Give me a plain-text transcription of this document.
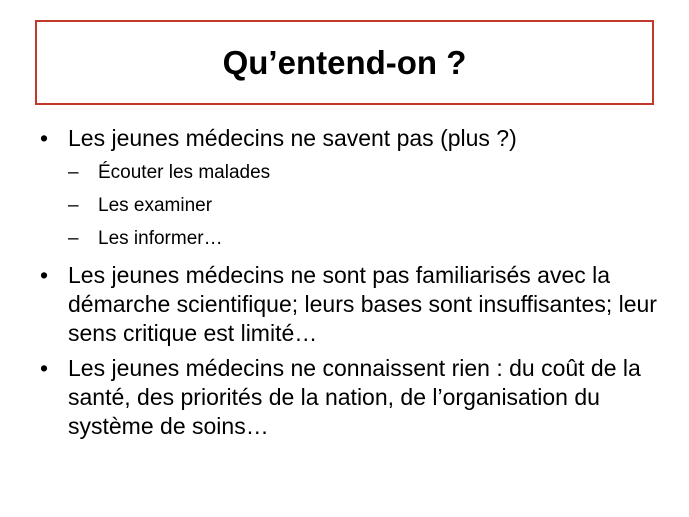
Qu’entend-on ?
• Les jeunes médecins ne savent pas (plus ?)
– Écouter les malades
– Les examiner
– Les informer…
• Les jeunes médecins ne sont pas familiarisés avec la démarche scientifique; leurs bases sont insuffisantes; leur sens critique est limité…
• Les jeunes médecins ne connaissent rien : du coût de la santé, des priorités de la nation, de l’organisation du système de soins…
